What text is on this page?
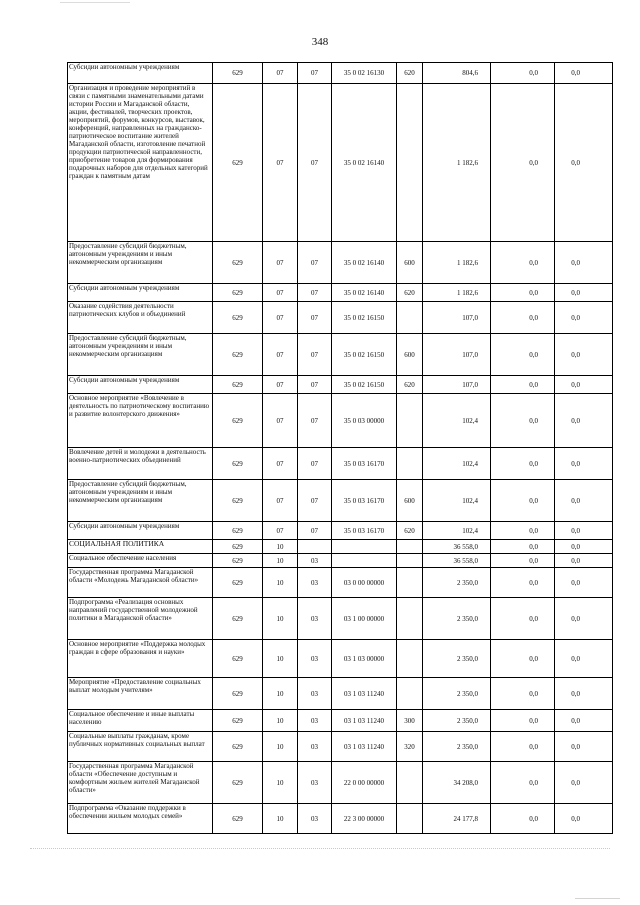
348
Субсидии автономным учреждениям	629	07	07	35 0 02 16130	620	804,6	0,0	0,0
Организация и проведение мероприятий в связи с памятными знаменательными датами истории России и Магаданской области, акции, фестивалей, творческих проектов, мероприятий, форумов, конкурсов, выставок, конференций, направленных на гражданско-патриотическое воспитание жителей Магаданской области, изготовление печатной продукции патриотической направленности, приобретение товаров для формирования подарочных наборов для отдельных категорий граждан к памятным датам	629	07	07	35 0 02 16140		1 182,6	0,0	0,0
Предоставление субсидий бюджетным, автономным учреждениям и иным некоммерческим организациям	629	07	07	35 0 02 16140	600	1 182,6	0,0	0,0
Субсидии автономным учреждениям	629	07	07	35 0 02 16140	620	1 182,6	0,0	0,0
Оказание содействия деятельности патриотических клубов и объединений	629	07	07	35 0 02 16150		107,0	0,0	0,0
Предоставление субсидий бюджетным, автономным учреждениям и иным некоммерческим организациям	629	07	07	35 0 02 16150	600	107,0	0,0	0,0
Субсидии автономным учреждениям	629	07	07	35 0 02 16150	620	107,0	0,0	0,0
Основное мероприятие «Вовлечение в деятельность по патриотическому воспитанию и развитие волонтерского движения»	629	07	07	35 0 03 00000		102,4	0,0	0,0
Вовлечение детей и молодежи в деятельность военно-патриотических объединений	629	07	07	35 0 03 16170		102,4	0,0	0,0
Предоставление субсидий бюджетным, автономным учреждениям и иным некоммерческим организациям	629	07	07	35 0 03 16170	600	102,4	0,0	0,0
Субсидии автономным учреждениям	629	07	07	35 0 03 16170	620	102,4	0,0	0,0
СОЦИАЛЬНАЯ ПОЛИТИКА	629	10				36 558,0	0,0	0,0
Социальное обеспечение населения	629	10	03			36 558,0	0,0	0,0
Государственная программа Магаданской области «Молодежь Магаданской области»	629	10	03	03 0 00 00000		2 350,0	0,0	0,0
Подпрограмма «Реализация основных направлений государственной молодежной политики в Магаданской области»	629	10	03	03 1 00 00000		2 350,0	0,0	0,0
Основное мероприятие «Поддержка молодых граждан в сфере образования и науки»	629	10	03	03 1 03 00000		2 350,0	0,0	0,0
Мероприятие «Предоставление социальных выплат молодым учителям»	629	10	03	03 1 03 11240		2 350,0	0,0	0,0
Социальное обеспечение и иные выплаты населению	629	10	03	03 1 03 11240	300	2 350,0	0,0	0,0
Социальные выплаты гражданам, кроме публичных нормативных социальных выплат	629	10	03	03 1 03 11240	320	2 350,0	0,0	0,0
Государственная программа Магаданской области «Обеспечение доступным и комфортным жильем жителей Магаданской области»	629	10	03	22 0 00 00000		34 208,0	0,0	0,0
Подпрограмма «Оказание поддержки в обеспечении жильем молодых семей»	629	10	03	22 3 00 00000		24 177,8	0,0	0,0
